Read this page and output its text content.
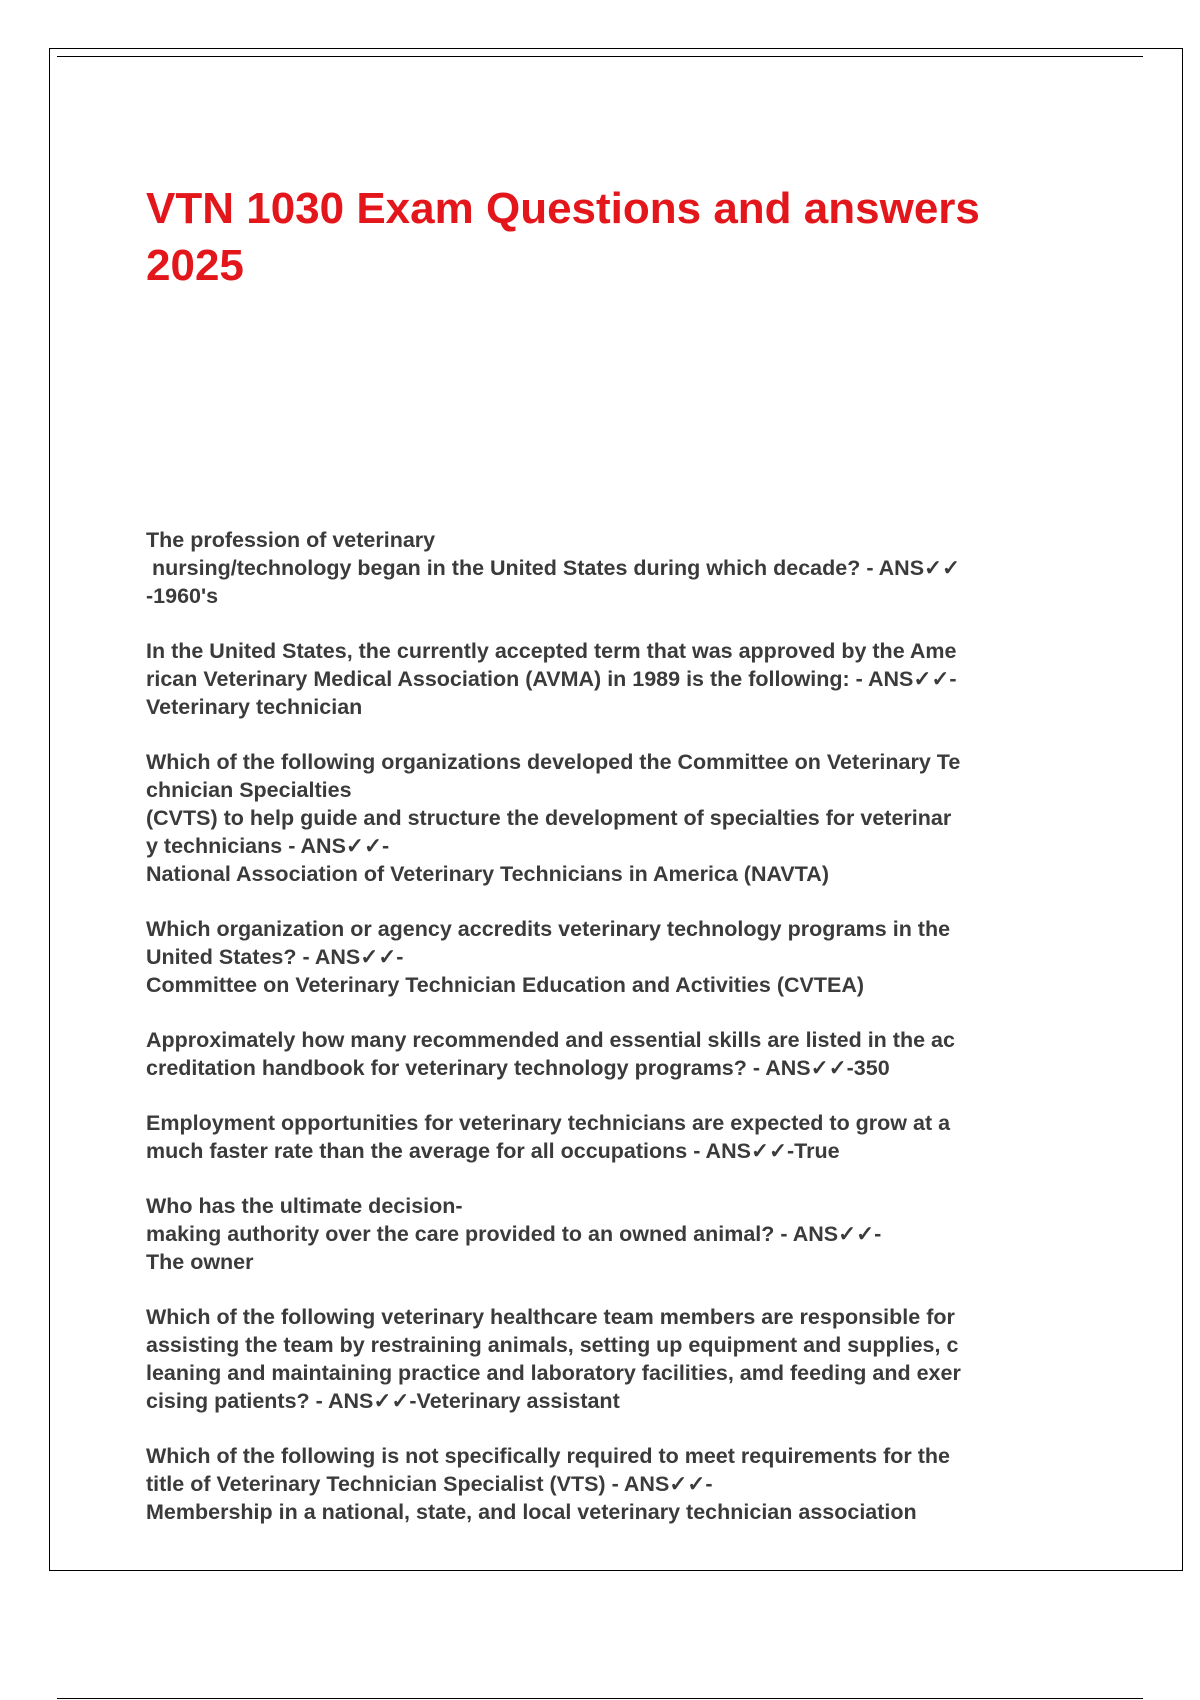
VTN 1030 Exam Questions and answers
2025
The profession of veterinary
nursing/technology began in the United States during which decade? - ANS✓✓
-1960's
In the United States, the currently accepted term that was approved by the Ame
rican Veterinary Medical Association (AVMA) in 1989 is the following: - ANS✓✓-
Veterinary technician
Which of the following organizations developed the Committee on Veterinary Te
chnician Specialties
(CVTS) to help guide and structure the development of specialties for veterinar
y technicians - ANS✓✓-
National Association of Veterinary Technicians in America (NAVTA)
Which organization or agency accredits veterinary technology programs in the
United States? - ANS✓✓-
Committee on Veterinary Technician Education and Activities (CVTEA)
Approximately how many recommended and essential skills are listed in the ac
creditation handbook for veterinary technology programs? - ANS✓✓-350
Employment opportunities for veterinary technicians are expected to grow at a
much faster rate than the average for all occupations - ANS✓✓-True
Who has the ultimate decision-
making authority over the care provided to an owned animal? - ANS✓✓-
The owner
Which of the following veterinary healthcare team members are responsible for
assisting the team by restraining animals, setting up equipment and supplies, c
leaning and maintaining practice and laboratory facilities, amd feeding and exer
cising patients? - ANS✓✓-Veterinary assistant
Which of the following is not specifically required to meet requirements for the
title of Veterinary Technician Specialist (VTS) - ANS✓✓-
Membership in a national, state, and local veterinary technician association
